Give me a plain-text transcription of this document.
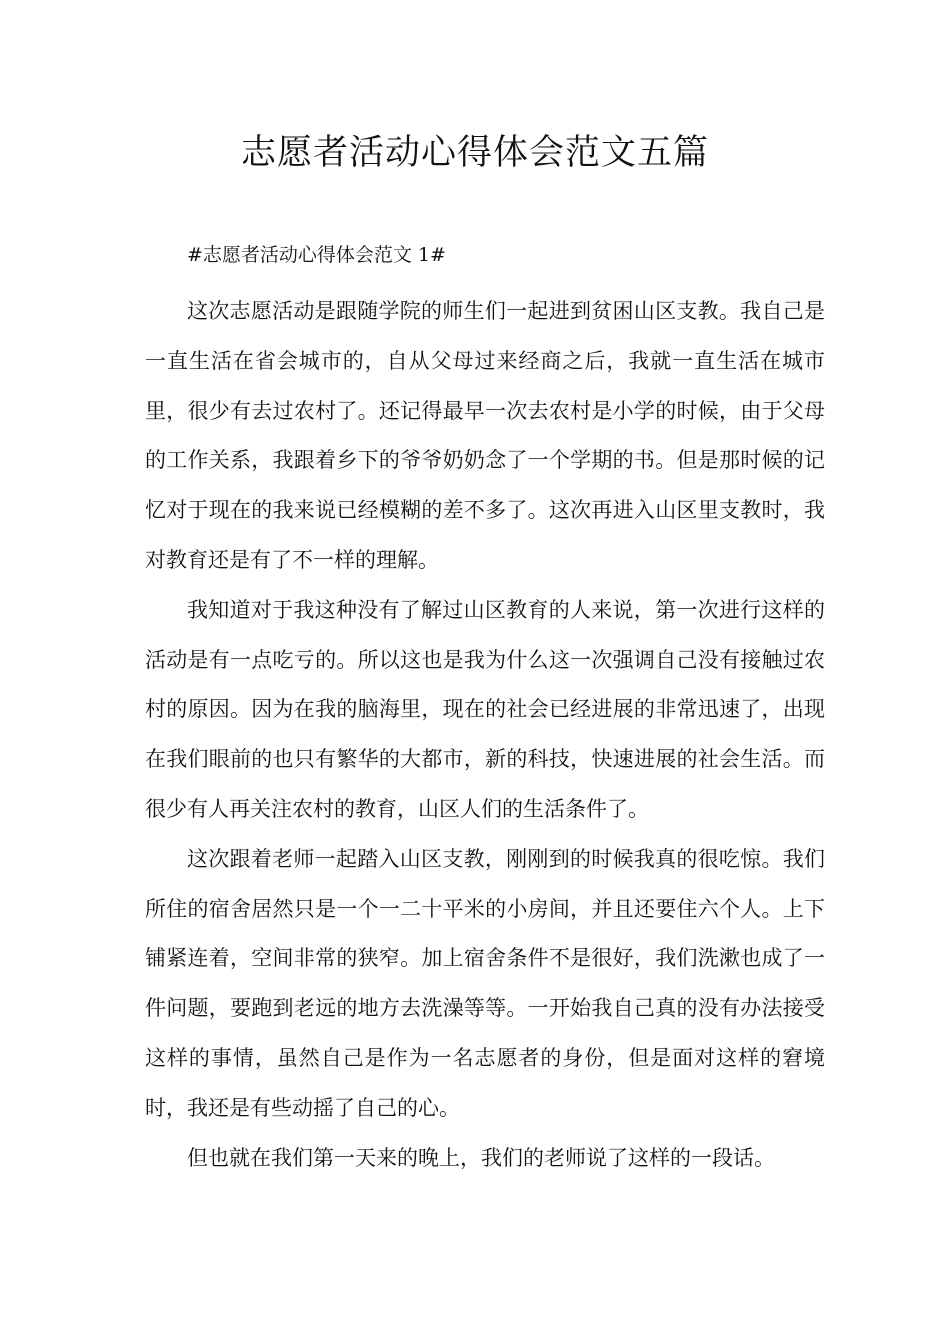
志愿者活动心得体会范文五篇

#志愿者活动心得体会范文 1#

这次志愿活动是跟随学院的师生们一起进到贫困山区支教。我自己是一直生活在省会城市的，自从父母过来经商之后，我就一直生活在城市里，很少有去过农村了。还记得最早一次去农村是小学的时候，由于父母的工作关系，我跟着乡下的爷爷奶奶念了一个学期的书。但是那时候的记忆对于现在的我来说已经模糊的差不多了。这次再进入山区里支教时，我对教育还是有了不一样的理解。

我知道对于我这种没有了解过山区教育的人来说，第一次进行这样的活动是有一点吃亏的。所以这也是我为什么这一次强调自己没有接触过农村的原因。因为在我的脑海里，现在的社会已经进展的非常迅速了，出现在我们眼前的也只有繁华的大都市，新的科技，快速进展的社会生活。而很少有人再关注农村的教育，山区人们的生活条件了。

这次跟着老师一起踏入山区支教，刚刚到的时候我真的很吃惊。我们所住的宿舍居然只是一个一二十平米的小房间，并且还要住六个人。上下铺紧连着，空间非常的狭窄。加上宿舍条件不是很好，我们洗漱也成了一件问题，要跑到老远的地方去洗澡等等。一开始我自己真的没有办法接受这样的事情，虽然自己是作为一名志愿者的身份，但是面对这样的窘境时，我还是有些动摇了自己的心。

但也就在我们第一天来的晚上，我们的老师说了这样的一段话。
